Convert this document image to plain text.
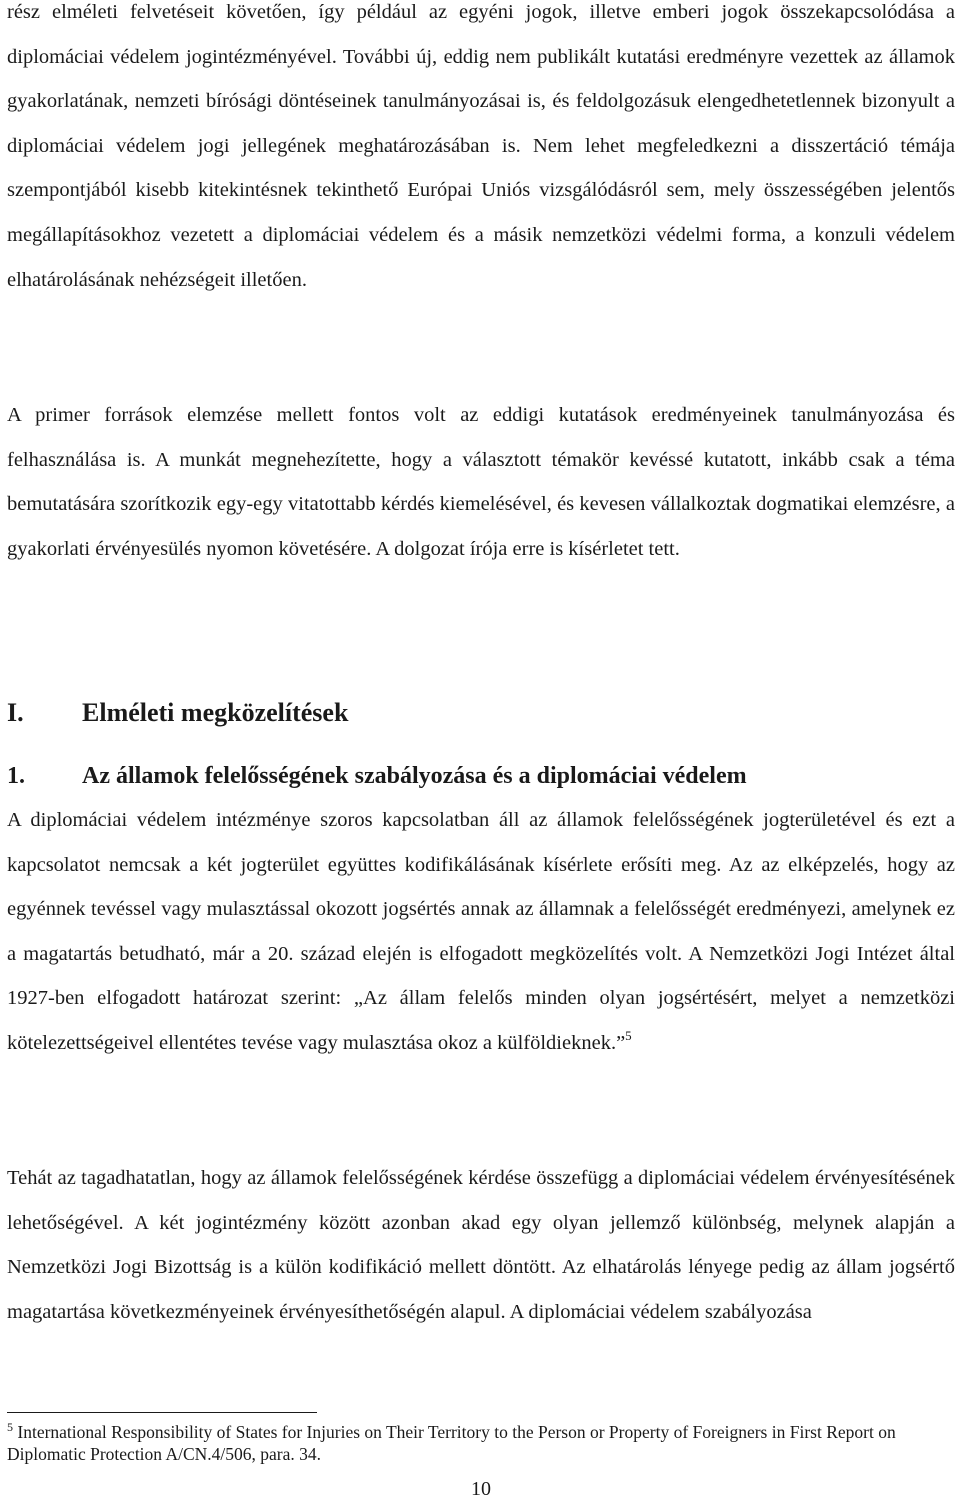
rész elméleti felvetéseit követően, így például az egyéni jogok, illetve emberi jogok összekapcsolódása a diplomáciai védelem jogintézményével. További új, eddig nem publikált kutatási eredményre vezettek az államok gyakorlatának, nemzeti bírósági döntéseinek tanulmányozásai is, és feldolgozásuk elengedhetetlennek bizonyult a diplomáciai védelem jogi jellegének meghatározásában is. Nem lehet megfeledkezni a disszertáció témája szempontjából kisebb kitekintésnek tekinthető Európai Uniós vizsgálódásról sem, mely összességében jelentős megállapításokhoz vezetett a diplomáciai védelem és a másik nemzetközi védelmi forma, a konzuli védelem elhatárolásának nehézségeit illetően.

A primer források elemzése mellett fontos volt az eddigi kutatások eredményeinek tanulmányozása és felhasználása is. A munkát megnehezítette, hogy a választott témakör kevéssé kutatott, inkább csak a téma bemutatására szorítkozik egy-egy vitatottabb kérdés kiemelésével, és kevesen vállalkoztak dogmatikai elemzésre, a gyakorlati érvényesülés nyomon követésére. A dolgozat írója erre is kísérletet tett.

I. Elméleti megközelítések
1. Az államok felelősségének szabályozása és a diplomáciai védelem

A diplomáciai védelem intézménye szoros kapcsolatban áll az államok felelősségének jogterületével és ezt a kapcsolatot nemcsak a két jogterület együttes kodifikálásának kísérlete erősíti meg. Az az elképzelés, hogy az egyénnek tevéssel vagy mulasztással okozott jogsértés annak az államnak a felelősségét eredményezi, amelynek ez a magatartás betudható, már a 20. század elején is elfogadott megközelítés volt. A Nemzetközi Jogi Intézet által 1927-ben elfogadott határozat szerint: „Az állam felelős minden olyan jogsértésért, melyet a nemzetközi kötelezettségeivel ellentétes tevése vagy mulasztása okoz a külföldieknek.”$^5$

Tehát az tagadhatatlan, hogy az államok felelősségének kérdése összefügg a diplomáciai védelem érvényesítésének lehetőségével. A két jogintézmény között azonban akad egy olyan jellemző különbség, melynek alapján a Nemzetközi Jogi Bizottság is a külön kodifikáció mellett döntött. Az elhatárolás lényege pedig az állam jogsértő magatartása következményeinek érvényesíthetőségén alapul. A diplomáciai védelem szabályozása

$^5$ International Responsibility of States for Injuries on Their Territory to the Person or Property of Foreigners in First Report on Diplomatic Protection A/CN.4/506, para. 34.

10
